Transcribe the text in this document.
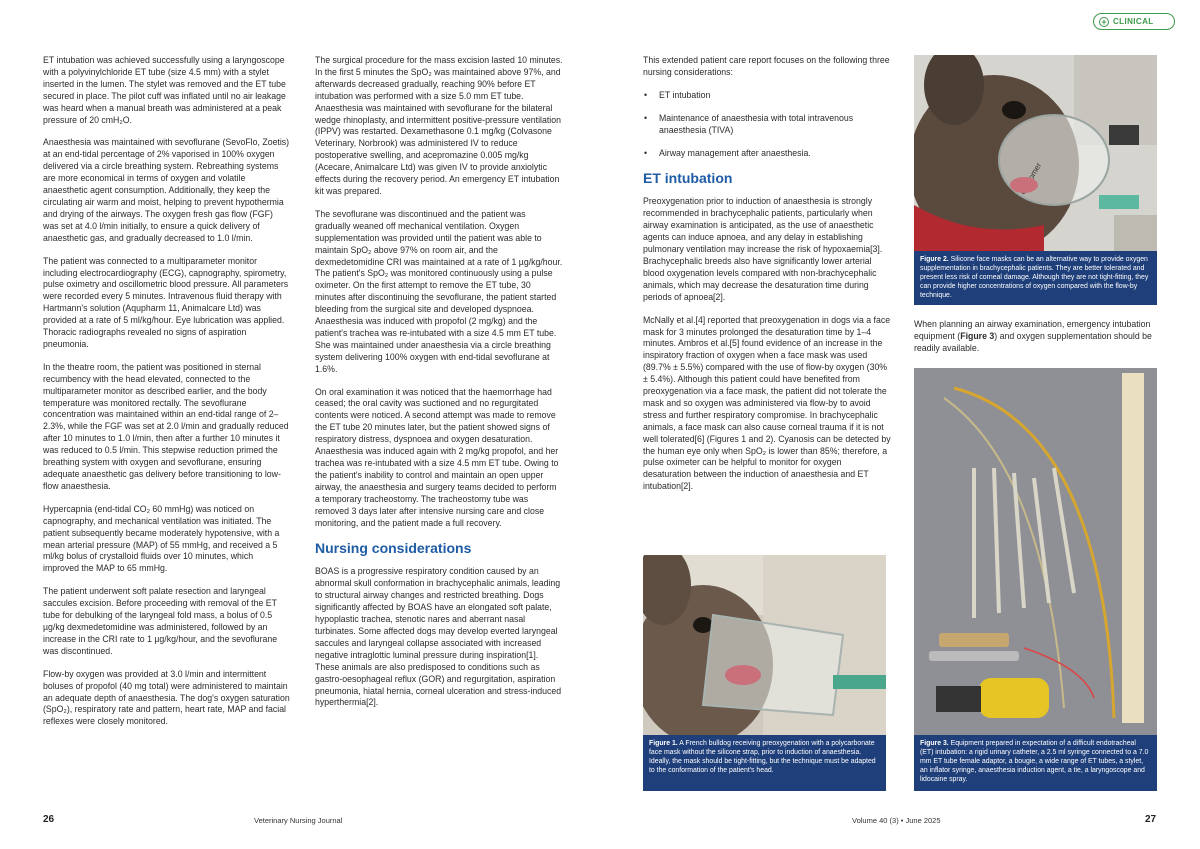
+ CLINICAL

ET intubation was achieved successfully using a laryngoscope with a polyvinylchloride ET tube (size 4.5 mm) with a stylet inserted in the lumen. The stylet was removed and the ET tube secured in place. The pilot cuff was inflated until no air leakage was heard when a manual breath was administered at a peak pressure of 20 cmH₂O.

Anaesthesia was maintained with sevoflurane (SevoFlo, Zoetis) at an end-tidal percentage of 2% vaporised in 100% oxygen delivered via a circle breathing system. Rebreathing systems are more economical in terms of oxygen and volatile anaesthetic agent consumption. Additionally, they keep the circulating air warm and moist, helping to prevent hypothermia and drying of the airways. The oxygen fresh gas flow (FGF) was set at 4.0 l/min initially, to ensure a quick delivery of anaesthetic gas, and gradually decreased to 1.0 l/min.

The patient was connected to a multiparameter monitor including electrocardiography (ECG), capnography, spirometry, pulse oximetry and oscillometric blood pressure. All parameters were recorded every 5 minutes. Intravenous fluid therapy with Hartmann's solution (Aqupharm 11, Animalcare Ltd) was provided at a rate of 5 ml/kg/hour. Eye lubrication was applied. Thoracic radiographs revealed no signs of aspiration pneumonia.

In the theatre room, the patient was positioned in sternal recumbency with the head elevated, connected to the multiparameter monitor as described earlier, and the body temperature was monitored rectally. The sevoflurane concentration was maintained within an end-tidal range of 2–2.3%, while the FGF was set at 2.0 l/min and gradually reduced after 10 minutes to 1.0 l/min, then after a further 10 minutes it was reduced to 0.5 l/min. This stepwise reduction primed the breathing system with oxygen and sevoflurane, ensuring adequate anaesthetic gas delivery before transitioning to low-flow anaesthesia.

Hypercapnia (end-tidal CO₂ 60 mmHg) was noticed on capnography, and mechanical ventilation was initiated. The patient subsequently became moderately hypotensive, with a mean arterial pressure (MAP) of 55 mmHg, and received a 5 ml/kg bolus of crystalloid fluids over 10 minutes, which improved the MAP to 65 mmHg.

The patient underwent soft palate resection and laryngeal saccules excision. Before proceeding with removal of the ET tube for debulking of the laryngeal fold mass, a bolus of 0.5 µg/kg dexmedetomidine was administered, followed by an increase in the CRI rate to 1 µg/kg/hour, and the sevoflurane was discontinued.

Flow-by oxygen was provided at 3.0 l/min and intermittent boluses of propofol (40 mg total) were administered to maintain an adequate depth of anaesthesia. The dog's oxygen saturation (SpO₂), respiratory rate and pattern, heart rate, MAP and facial reflexes were closely monitored.

The surgical procedure for the mass excision lasted 10 minutes. In the first 5 minutes the SpO₂ was maintained above 97%, and afterwards decreased gradually, reaching 90% before ET intubation was performed with a size 5.0 mm ET tube. Anaesthesia was maintained with sevoflurane for the bilateral wedge rhinoplasty, and intermittent positive-pressure ventilation (IPPV) was restarted. Dexamethasone 0.1 mg/kg (Colvasone Veterinary, Norbrook) was administered IV to reduce postoperative swelling, and acepromazine 0.005 mg/kg (Acecare, Animalcare Ltd) was given IV to provide anxiolytic effects during the recovery period. An emergency ET intubation kit was prepared.

The sevoflurane was discontinued and the patient was gradually weaned off mechanical ventilation. Oxygen supplementation was provided until the patient was able to maintain SpO₂ above 97% on room air, and the dexmedetomidine CRI was maintained at a rate of 1 µg/kg/hour. The patient's SpO₂ was monitored continuously using a pulse oximeter. On the first attempt to remove the ET tube, 30 minutes after discontinuing the sevoflurane, the patient started bleeding from the surgical site and developed dyspnoea. Anaesthesia was induced with propofol (2 mg/kg) and the patient's trachea was re-intubated with a size 4.5 mm ET tube. She was maintained under anaesthesia via a circle breathing system delivering 100% oxygen with end-tidal sevoflurane at 1.6%.

On oral examination it was noticed that the haemorrhage had ceased; the oral cavity was suctioned and no regurgitated contents were noticed. A second attempt was made to remove the ET tube 20 minutes later, but the patient showed signs of respiratory distress, dyspnoea and oxygen desaturation. Anaesthesia was induced again with 2 mg/kg propofol, and her trachea was re-intubated with a size 4.5 mm ET tube. Owing to the patient's inability to control and maintain an open upper airway, the anaesthesia and surgery teams decided to perform a temporary tracheostomy. The tracheostomy tube was removed 3 days later after intensive nursing care and close monitoring, and the patient made a full recovery.

Nursing considerations

BOAS is a progressive respiratory condition caused by an abnormal skull conformation in brachycephalic animals, leading to structural airway changes and restricted breathing. Dogs significantly affected by BOAS have an elongated soft palate, hypoplastic trachea, stenotic nares and aberrant nasal turbinates. Some affected dogs may develop everted laryngeal saccules and laryngeal collapse associated with increased negative intraglottic luminal pressure during inspiration[1]. These animals are also predisposed to conditions such as gastro-oesophageal reflux (GOR) and regurgitation, aspiration pneumonia, hiatal hernia, corneal ulceration and stress-induced hyperthermia[2].

This extended patient care report focuses on the following three nursing considerations:

• ET intubation
• Maintenance of anaesthesia with total intravenous anaesthesia (TIVA)
• Airway management after anaesthesia.
ET intubation

Preoxygenation prior to induction of anaesthesia is strongly recommended in brachycephalic patients, particularly when airway examination is anticipated, as the use of anaesthetic agents can induce apnoea, and any delay in establishing pulmonary ventilation may increase the risk of hypoxaemia[3]. Brachycephalic breeds also have significantly lower arterial blood oxygenation levels compared with non-brachycephalic animals, which may decrease the desaturation time during periods of apnoea[2].

McNally et al.[4] reported that preoxygenation in dogs via a face mask for 3 minutes prolonged the desaturation time by 1–4 minutes. Ambros et al.[5] found evidence of an increase in the inspiratory fraction of oxygen when a face mask was used (89.7% ± 5.5%) compared with the use of flow-by oxygen (30% ± 5.4%). Although this patient could have benefited from preoxygenation via a face mask, the patient did not tolerate the mask and so oxygen was administered via flow-by to avoid stress and further respiratory compromise. In brachycephalic animals, a face mask can also cause corneal trauma if it is not well tolerated[6] (Figures 1 and 2). Cyanosis can be detected by the human eye only when SpO₂ is lower than 85%; therefore, a pulse oximeter can be helpful to monitor for oxygen desaturation between the induction of anaesthesia and ET intubation[2].

Figure 1. A French bulldog receiving preoxygenation with a polycarbonate face mask without the silicone strap, prior to induction of anaesthesia. Ideally, the mask should be tight-fitting, but the technique must be adapted to the conformation of the patient's head.
Figure 2. Silicone face masks can be an alternative way to provide oxygen supplementation in brachycephalic patients. They are better tolerated and present less risk of corneal damage. Although they are not tight-fitting, they can provide higher concentrations of oxygen compared with the flow-by technique.

When planning an airway examination, emergency intubation equipment (Figure 3) and oxygen supplementation should be readily available.

Figure 3. Equipment prepared in expectation of a difficult endotracheal (ET) intubation: a rigid urinary catheter, a 2.5 ml syringe connected to a 7.0 mm ET tube female adaptor, a bougie, a wide range of ET tubes, a stylet, an inflator syringe, anaesthesia induction agent, a tie, a laryngoscope and lidocaine spray.
26	Veterinary Nursing Journal	Volume 40 (3) • June 2025	27
